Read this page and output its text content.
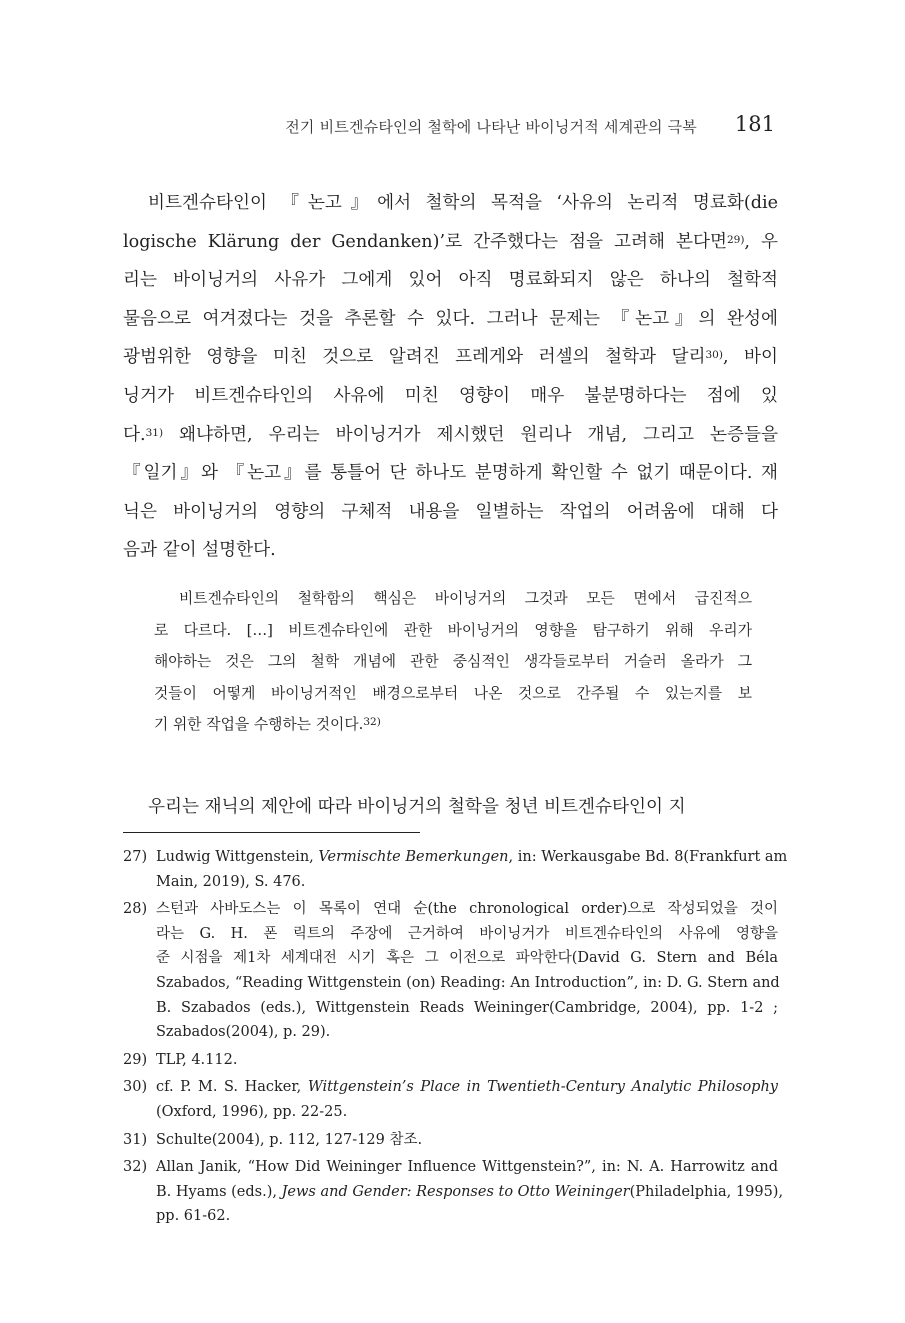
전기 비트겐슈타인의 철학에 나타난 바이닝거적 세계관의 극복 181
비트겐슈타인이 『논고』에서 철학의 목적을 ‘사유의 논리적 명료화(die
logische Klärung der Gendanken)’로 간주했다는 점을 고려해 본다면$^{29)}$, 우
리는 바이닝거의 사유가 그에게 있어 아직 명료화되지 않은 하나의 철학적
물음으로 여겨졌다는 것을 추론할 수 있다. 그러나 문제는 『논고』의 완성에
광범위한 영향을 미친 것으로 알려진 프레게와 러셀의 철학과 달리$^{30)}$, 바이
닝거가 비트겐슈타인의 사유에 미친 영향이 매우 불분명하다는 점에 있
다.$^{31)}$ 왜냐하면, 우리는 바이닝거가 제시했던 원리나 개념, 그리고 논증들을
『일기』와 『논고』를 통틀어 단 하나도 분명하게 확인할 수 없기 때문이다. 재
닉은 바이닝거의 영향의 구체적 내용을 일별하는 작업의 어려움에 대해 다
음과 같이 설명한다.
비트겐슈타인의 철학함의 핵심은 바이닝거의 그것과 모든 면에서 급진적으
로 다르다. […] 비트겐슈타인에 관한 바이닝거의 영향을 탐구하기 위해 우리가
해야하는 것은 그의 철학 개념에 관한 중심적인 생각들로부터 거슬러 올라가 그
것들이 어떻게 바이닝거적인 배경으로부터 나온 것으로 간주될 수 있는지를 보
기 위한 작업을 수행하는 것이다.$^{32)}$
우리는 재닉의 제안에 따라 바이닝거의 철학을 청년 비트겐슈타인이 지
27) Ludwig Wittgenstein, Vermischte Bemerkungen, in: Werkausgabe Bd. 8(Frankfurt am
Main, 2019), S. 476.
28) 스턴과 사바도스는 이 목록이 연대 순(the chronological order)으로 작성되었을 것이
라는 G. H. 폰 릭트의 주장에 근거하여 바이닝거가 비트겐슈타인의 사유에 영향을
준 시점을 제1차 세계대전 시기 혹은 그 이전으로 파악한다(David G. Stern and Béla
Szabados, “Reading Wittgenstein (on) Reading: An Introduction”, in: D. G. Stern and
B. Szabados (eds.), Wittgenstein Reads Weininger(Cambridge, 2004), pp. 1-2 ;
Szabados(2004), p. 29).
29) TLP, 4.112.
30) cf. P. M. S. Hacker, Wittgenstein’s Place in Twentieth-Century Analytic Philosophy
(Oxford, 1996), pp. 22-25.
31) Schulte(2004), p. 112, 127-129 참조.
32) Allan Janik, “How Did Weininger Influence Wittgenstein?”, in: N. A. Harrowitz and
B. Hyams (eds.), Jews and Gender: Responses to Otto Weininger(Philadelphia, 1995),
pp. 61-62.
